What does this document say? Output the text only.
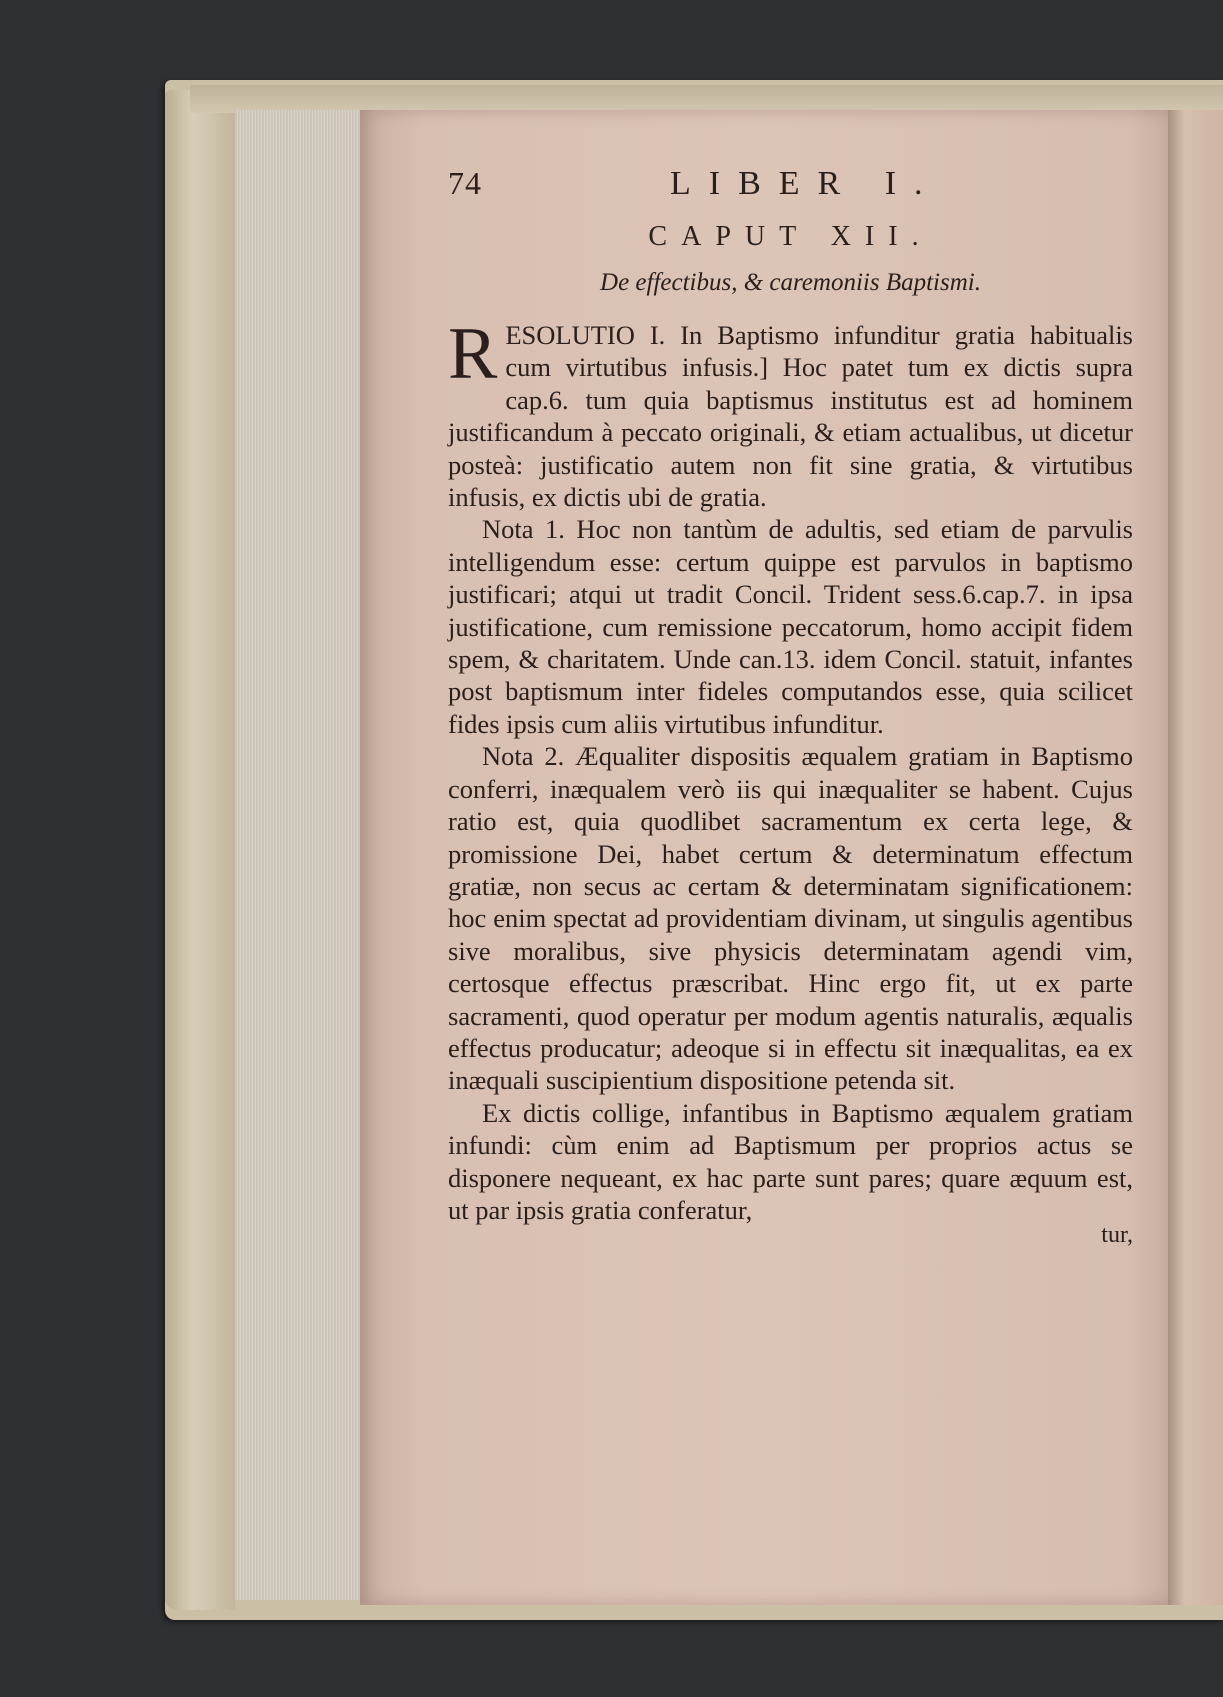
74	LIBER I.
CAPUT XII.
De effectibus, & caremoniis Baptismi.

RESOLUTIO I. In Baptismo infunditur gratia habitualis cum virtutibus infusis.] Hoc patet tum ex dictis supra cap.6. tum quia baptismus institutus est ad hominem justificandum à peccato originali, & etiam actualibus, ut dicetur posteà: justificatio autem non fit sine gratia, & virtutibus infusis, ex dictis ubi de gratia.

Nota 1. Hoc non tantùm de adultis, sed etiam de parvulis intelligendum esse: certum quippe est parvulos in baptismo justificari; atqui ut tradit Concil. Trident sess.6.cap.7. in ipsa justificatione, cum remissione peccatorum, homo accipit fidem spem, & charitatem. Unde can.13. idem Concil. statuit, infantes post baptismum inter fideles computandos esse, quia scilicet fides ipsis cum aliis virtutibus infunditur.

Nota 2. Æqualiter dispositis æqualem gratiam in Baptismo conferri, inæqualem verò iis qui inæqualiter se habent. Cujus ratio est, quia quodlibet sacramentum ex certa lege, & promissione Dei, habet certum & determinatum effectum gratiæ, non secus ac certam & determinatam significationem: hoc enim spectat ad providentiam divinam, ut singulis agentibus sive moralibus, sive physicis determinatam agendi vim, certosque effectus præscribat. Hinc ergo fit, ut ex parte sacramenti, quod operatur per modum agentis naturalis, æqualis effectus producatur; adeoque si in effectu sit inæqualitas, ea ex inæquali suscipientium dispositione petenda sit.

Ex dictis collige, infantibus in Baptismo æqualem gratiam infundi: cùm enim ad Baptismum per proprios actus se disponere nequeant, ex hac parte sunt pares; quare æquum est, ut par ipsis gratia conferatur,

tur,
